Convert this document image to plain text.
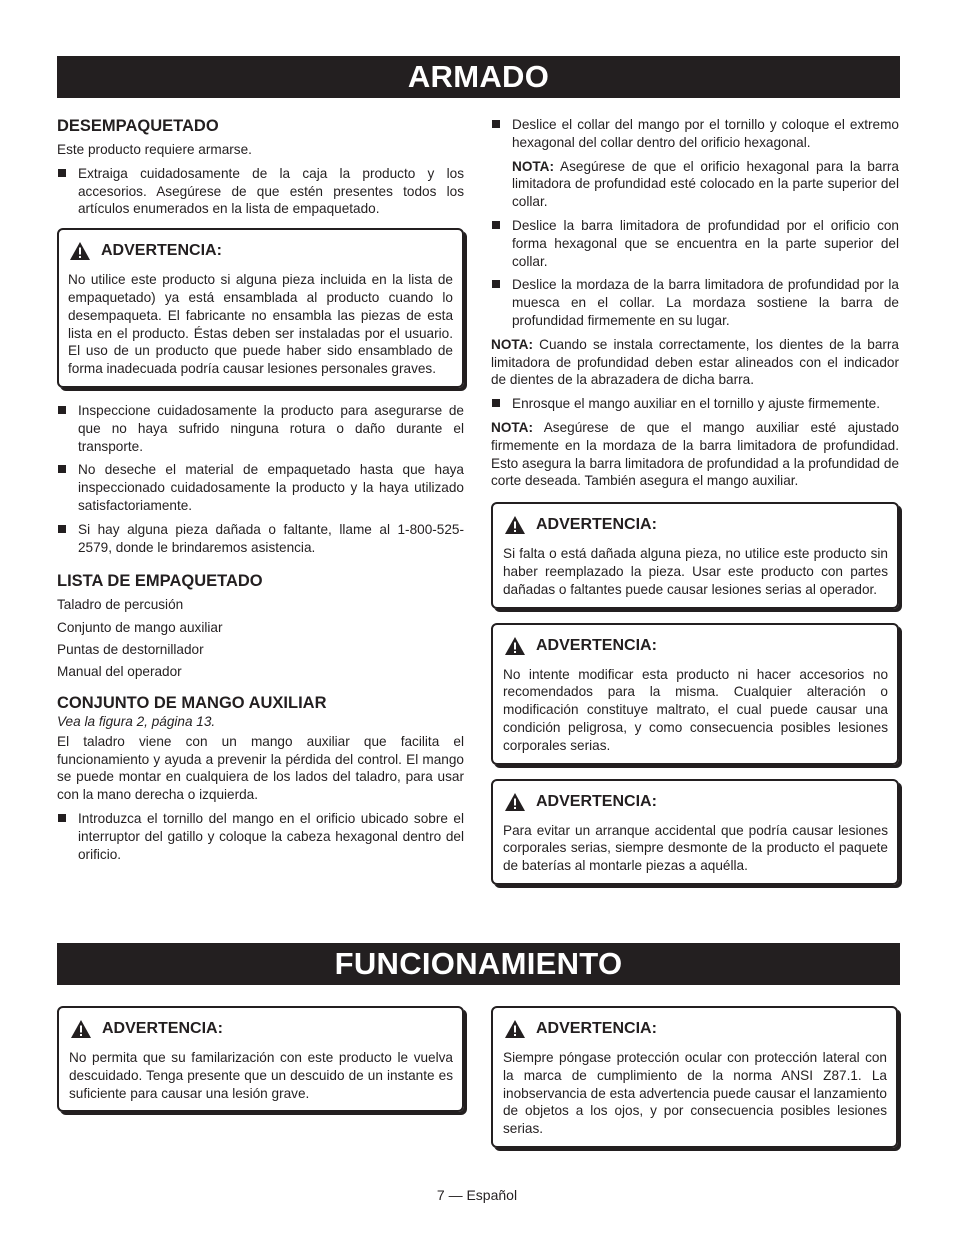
ARMADO
DESEMPAQUETADO

Este producto requiere armarse.

Extraiga cuidadosamente de la caja la producto y los accesorios. Asegúrese de que estén presentes todos los artículos enumerados en la lista de empaquetado.
ADVERTENCIA:

No utilice este producto si alguna pieza incluida en la lista de empaquetado) ya está ensamblada al producto cuando lo desempaqueta. El fabricante no ensambla las piezas de esta lista en el producto. Éstas deben ser instaladas por el usuario. El uso de un producto que puede haber sido ensamblado de forma inadecuada podría causar lesiones personales graves.

Inspeccione cuidadosamente la producto para asegurarse de que no haya sufrido ninguna rotura o daño durante el transporte.
No deseche el material de empaquetado hasta que haya inspeccionado cuidadosamente la producto y la haya utilizado satisfactoriamente.
Si hay alguna pieza dañada o faltante, llame al 1-800-525-2579, donde le brindaremos asistencia.
LISTA DE EMPAQUETADO

Taladro de percusión

Conjunto de mango auxiliar

Puntas de destornillador

Manual del operador

CONJUNTO DE MANGO AUXILIAR

Vea la figura 2, página 13.

El taladro viene con un mango auxiliar que facilita el funcionamiento y ayuda a prevenir la pérdida del control. El mango se puede montar en cualquiera de los lados del taladro, para usar con la mano derecha o izquierda.

Introduzca el tornillo del mango en el orificio ubicado sobre el interruptor del gatillo y coloque la cabeza hexagonal dentro del orificio.
Deslice el collar del mango por el tornillo y coloque el extremo hexagonal del collar dentro del orificio hexagonal.

NOTA: Asegúrese de que el orificio hexagonal para la barra limitadora de profundidad esté colocado en la parte superior del collar.

Deslice la barra limitadora de profundidad por el orificio con forma hexagonal que se encuentra en la parte superior del collar.
Deslice la mordaza de la barra limitadora de profundidad por la muesca en el collar. La mordaza sostiene la barra de profundidad firmemente en su lugar.

NOTA: Cuando se instala correctamente, los dientes de la barra limitadora de profundidad deben estar alineados con el indicador de dientes de la abrazadera de dicha barra.

Enrosque el mango auxiliar en el tornillo y ajuste firmemente.

NOTA: Asegúrese de que el mango auxiliar esté ajustado firmemente en la mordaza de la barra limitadora de profundidad. Esto asegura la barra limitadora de profundidad a la profundidad de corte deseada. También asegura el mango auxiliar.

ADVERTENCIA:

Si falta o está dañada alguna pieza, no utilice este producto sin haber reemplazado la pieza. Usar este producto con partes dañadas o faltantes puede causar lesiones serias al operador.

ADVERTENCIA:

No intente modificar esta producto ni hacer accesorios no recomendados para la misma. Cualquier alteración o modificación constituye maltrato, el cual puede causar una condición peligrosa, y como consecuencia posibles lesiones corporales serias.

ADVERTENCIA:

Para evitar un arranque accidental que podría causar lesiones corporales serias, siempre desmonte de la producto el paquete de baterías al montarle piezas a aquélla.

FUNCIONAMIENTO
ADVERTENCIA:

No permita que su familarización con este producto le vuelva descuidado. Tenga presente que un descuido de un instante es suficiente para causar una lesión grave.

ADVERTENCIA:

Siempre póngase protección ocular con protección lateral con la marca de cumplimiento de la norma ANSI Z87.1. La inobservancia de esta advertencia puede causar el lanzamiento de objetos a los ojos, y por consecuencia posibles lesiones serias.

7 — Español
